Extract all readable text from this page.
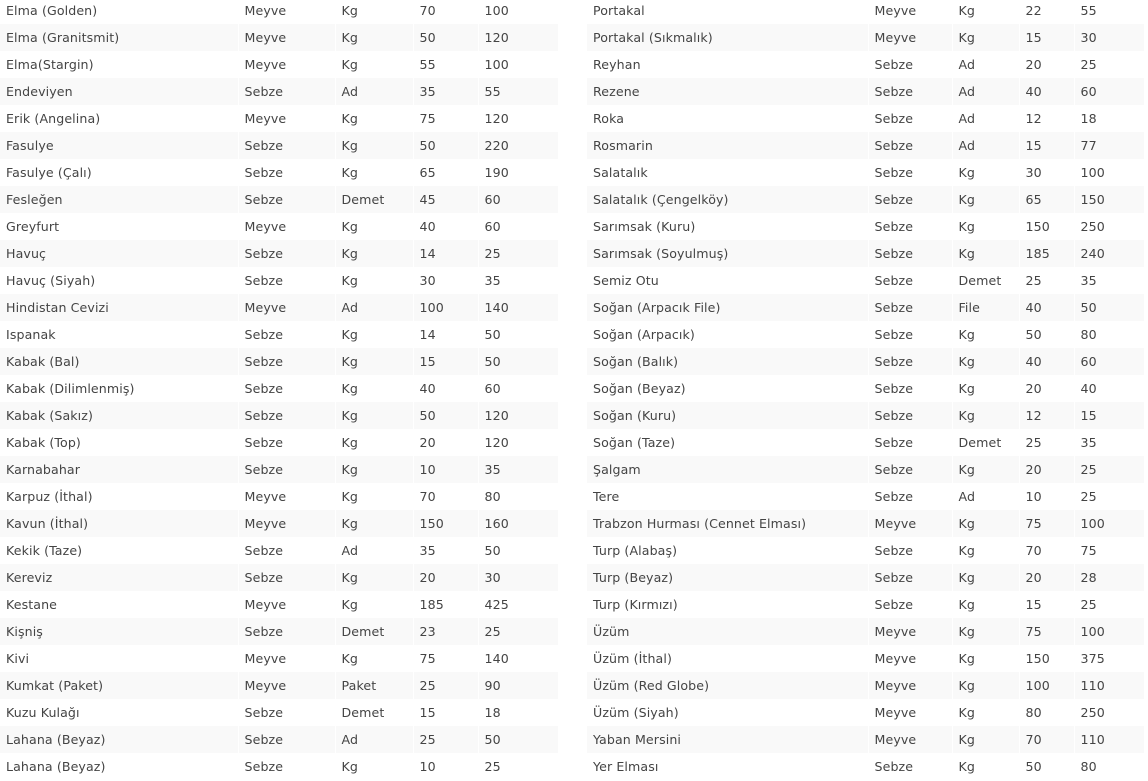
Elma (Golden)	Meyve	Kg	70	100
Elma (Granitsmit)	Meyve	Kg	50	120
Elma(Stargin)	Meyve	Kg	55	100
Endeviyen	Sebze	Ad	35	55
Erik (Angelina)	Meyve	Kg	75	120
Fasulye	Sebze	Kg	50	220
Fasulye (Çalı)	Sebze	Kg	65	190
Fesleğen	Sebze	Demet	45	60
Greyfurt	Meyve	Kg	40	60
Havuç	Sebze	Kg	14	25
Havuç (Siyah)	Sebze	Kg	30	35
Hindistan Cevizi	Meyve	Ad	100	140
Ispanak	Sebze	Kg	14	50
Kabak (Bal)	Sebze	Kg	15	50
Kabak (Dilimlenmiş)	Sebze	Kg	40	60
Kabak (Sakız)	Sebze	Kg	50	120
Kabak (Top)	Sebze	Kg	20	120
Karnabahar	Sebze	Kg	10	35
Karpuz (İthal)	Meyve	Kg	70	80
Kavun (İthal)	Meyve	Kg	150	160
Kekik (Taze)	Sebze	Ad	35	50
Kereviz	Sebze	Kg	20	30
Kestane	Meyve	Kg	185	425
Kişniş	Sebze	Demet	23	25
Kivi	Meyve	Kg	75	140
Kumkat (Paket)	Meyve	Paket	25	90
Kuzu Kulağı	Sebze	Demet	15	18
Lahana (Beyaz)	Sebze	Ad	25	50
Lahana (Beyaz)	Sebze	Kg	10	25
Portakal	Meyve	Kg	22	55
Portakal (Sıkmalık)	Meyve	Kg	15	30
Reyhan	Sebze	Ad	20	25
Rezene	Sebze	Ad	40	60
Roka	Sebze	Ad	12	18
Rosmarin	Sebze	Ad	15	77
Salatalık	Sebze	Kg	30	100
Salatalık (Çengelköy)	Sebze	Kg	65	150
Sarımsak (Kuru)	Sebze	Kg	150	250
Sarımsak (Soyulmuş)	Sebze	Kg	185	240
Semiz Otu	Sebze	Demet	25	35
Soğan (Arpacık File)	Sebze	File	40	50
Soğan (Arpacık)	Sebze	Kg	50	80
Soğan (Balık)	Sebze	Kg	40	60
Soğan (Beyaz)	Sebze	Kg	20	40
Soğan (Kuru)	Sebze	Kg	12	15
Soğan (Taze)	Sebze	Demet	25	35
Şalgam	Sebze	Kg	20	25
Tere	Sebze	Ad	10	25
Trabzon Hurması (Cennet Elması)	Meyve	Kg	75	100
Turp (Alabaş)	Sebze	Kg	70	75
Turp (Beyaz)	Sebze	Kg	20	28
Turp (Kırmızı)	Sebze	Kg	15	25
Üzüm	Meyve	Kg	75	100
Üzüm (İthal)	Meyve	Kg	150	375
Üzüm (Red Globe)	Meyve	Kg	100	110
Üzüm (Siyah)	Meyve	Kg	80	250
Yaban Mersini	Meyve	Kg	70	110
Yer Elması	Sebze	Kg	50	80
